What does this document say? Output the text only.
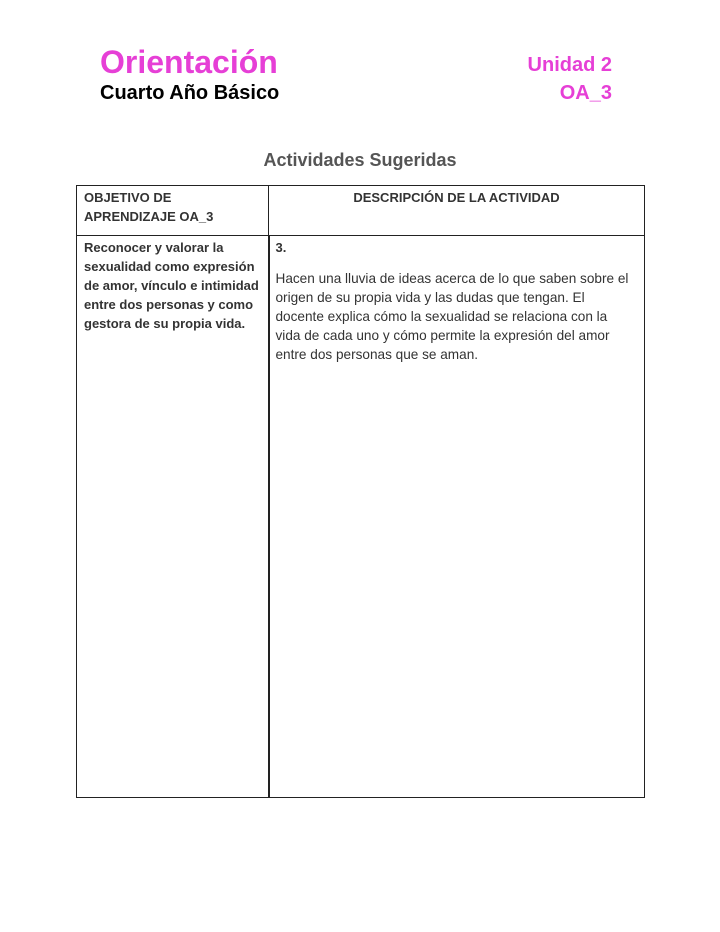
Orientación
Cuarto Año Básico
Unidad 2
OA_3
Actividades Sugeridas
OBJETIVO DE APRENDIZAJE OA_3	DESCRIPCIÓN DE LA ACTIVIDAD
Reconocer y valorar la sexualidad como expresión de amor, vínculo e intimidad entre dos personas y como gestora de su propia vida.	3.

Hacen una lluvia de ideas acerca de lo que saben sobre el origen de su propia vida y las dudas que tengan. El docente explica cómo la sexualidad se relaciona con la vida de cada uno y cómo permite la expresión del amor entre dos personas que se aman.
